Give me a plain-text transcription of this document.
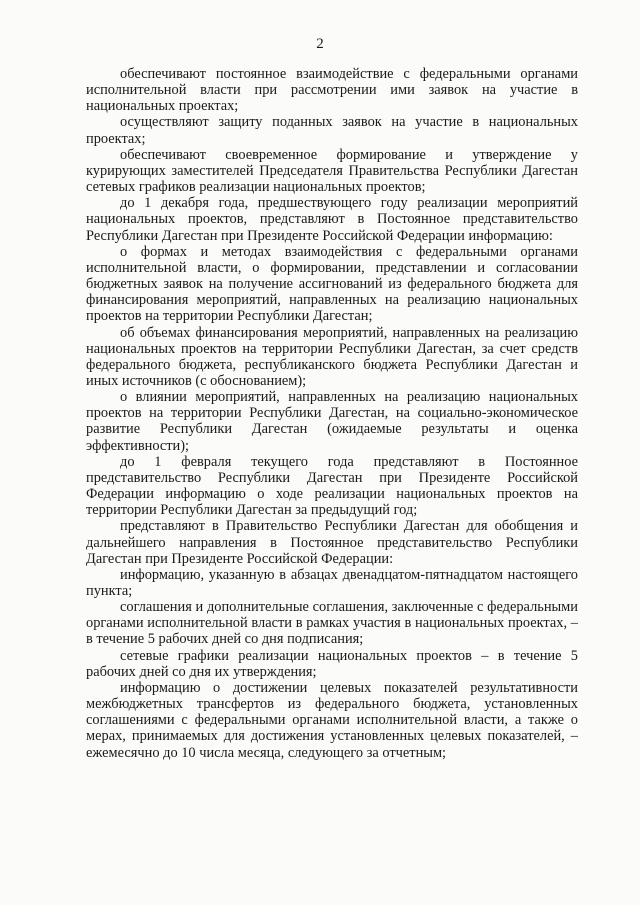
2

обеспечивают постоянное взаимодействие с федеральными органами исполнительной власти при рассмотрении ими заявок на участие в национальных проектах;

осуществляют защиту поданных заявок на участие в национальных проектах;

обеспечивают своевременное формирование и утверждение у курирующих заместителей Председателя Правительства Республики Дагестан сетевых графиков реализации национальных проектов;

до 1 декабря года, предшествующего году реализации мероприятий национальных проектов, представляют в Постоянное представительство Республики Дагестан при Президенте Российской Федерации информацию:

о формах и методах взаимодействия с федеральными органами исполнительной власти, о формировании, представлении и согласовании бюджетных заявок на получение ассигнований из федерального бюджета для финансирования мероприятий, направленных на реализацию национальных проектов на территории Республики Дагестан;

об объемах финансирования мероприятий, направленных на реализацию национальных проектов на территории Республики Дагестан, за счет средств федерального бюджета, республиканского бюджета Республики Дагестан и иных источников (с обоснованием);

о влиянии мероприятий, направленных на реализацию национальных проектов на территории Республики Дагестан, на социально-экономическое развитие Республики Дагестан (ожидаемые результаты и оценка эффективности);

до 1 февраля текущего года представляют в Постоянное представительство Республики Дагестан при Президенте Российской Федерации информацию о ходе реализации национальных проектов на территории Республики Дагестан за предыдущий год;

представляют в Правительство Республики Дагестан для обобщения и дальнейшего направления в Постоянное представительство Республики Дагестан при Президенте Российской Федерации:

информацию, указанную в абзацах двенадцатом-пятнадцатом настоящего пункта;

соглашения и дополнительные соглашения, заключенные с федеральными органами исполнительной власти в рамках участия в национальных проектах, – в течение 5 рабочих дней со дня подписания;

сетевые графики реализации национальных проектов – в течение 5 рабочих дней со дня их утверждения;

информацию о достижении целевых показателей результативности межбюджетных трансфертов из федерального бюджета, установленных соглашениями с федеральными органами исполнительной власти, а также о мерах, принимаемых для достижения установленных целевых показателей, – ежемесячно до 10 числа месяца, следующего за отчетным;
